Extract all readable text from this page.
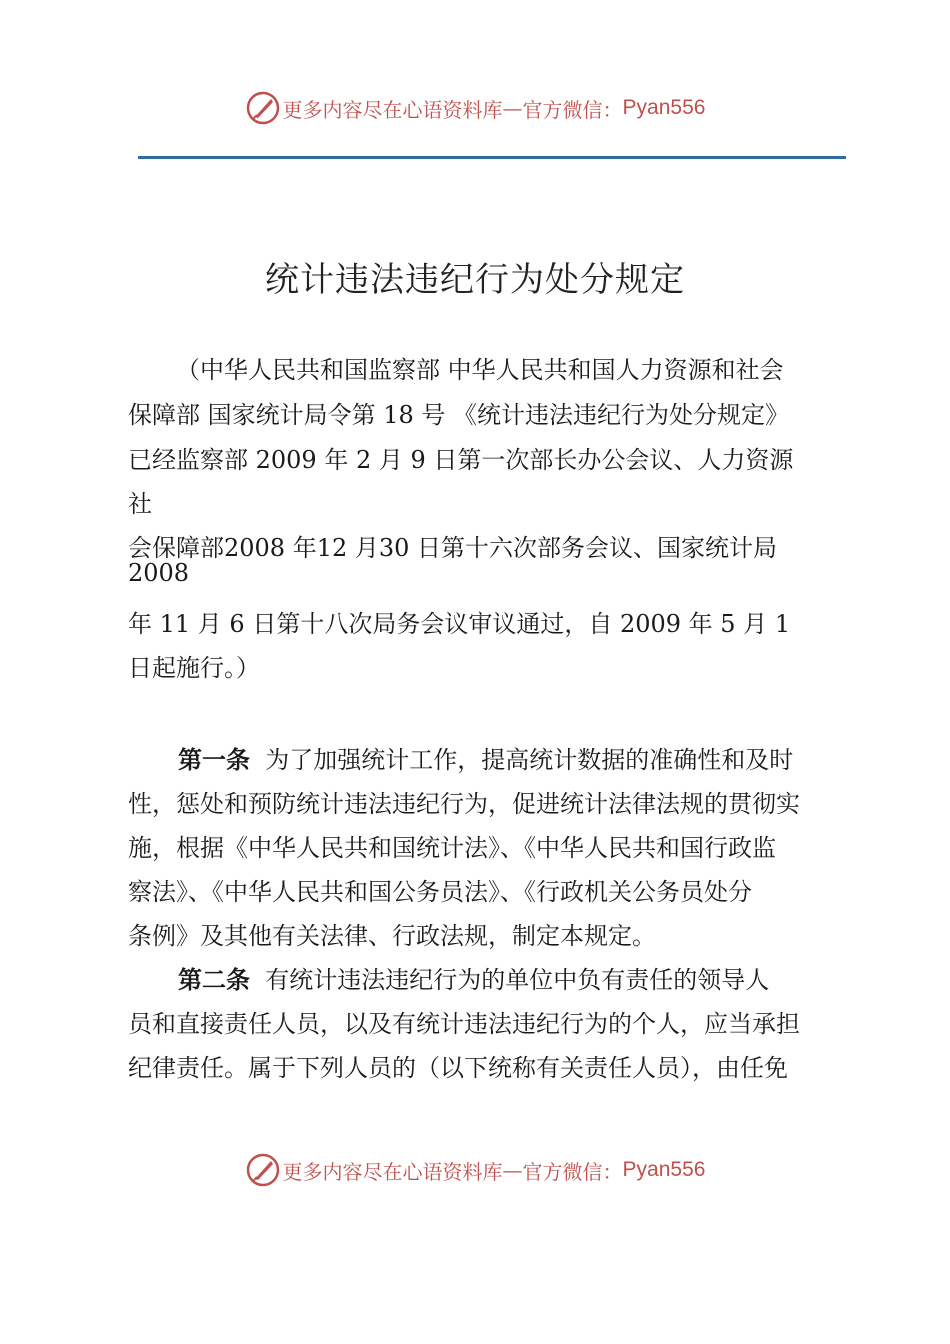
更多内容尽在心语资料库 — 官方微信： Pyan556
统计违法违纪行为处分规定
（中华人民共和国监察部 中华人民共和国人力资源和社会
保障部 国家统计局令第 18 号 《统计违法违纪行为处分规定》
已经监察部 2009 年 2 月 9 日第一次部长办公会议、人力资源
社
会保障部2008 年12 月30 日第十六次部务会议、国家统计局
2008
年 11 月 6 日第十八次局务会议审议通过，自 2009 年 5 月 1
日起施行。）
第一条 为了加强统计工作，提高统计数据的准确性和及时
性，惩处和预防统计违法违纪行为，促进统计法律法规的贯彻实
施，根据《中华人民共和国统计法》、《中华人民共和国行政监
察法》、《中华人民共和国公务员法》、《行政机关公务员处分
条例》及其他有关法律、行政法规，制定本规定。
第二条 有统计违法违纪行为的单位中负有责任的领导人
员和直接责任人员，以及有统计违法违纪行为的个人，应当承担
纪律责任。属于下列人员的（以下统称有关责任人员），由任免
更多内容尽在心语资料库 — 官方微信： Pyan556
